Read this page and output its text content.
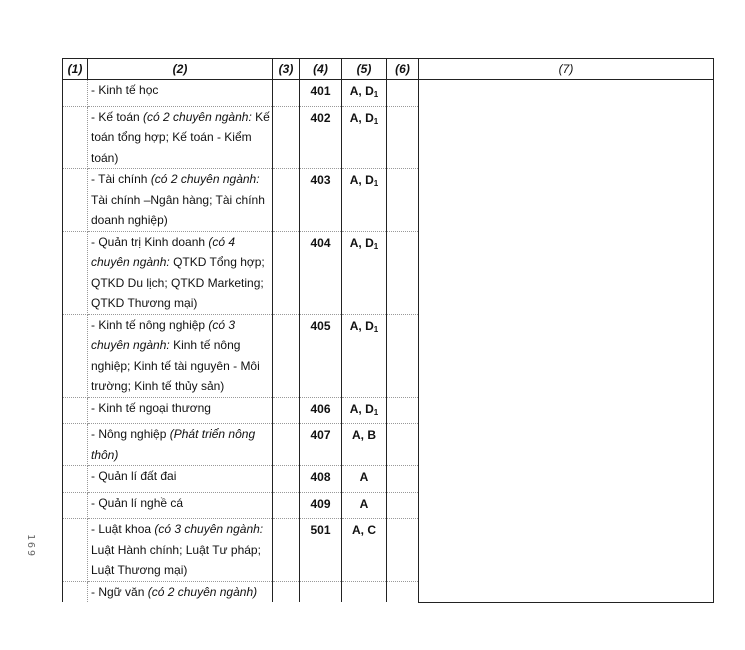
169
(1)	(2)	(3)	(4)	(5)	(6)	(7)
	- Kinh tế học		401	A, $D_1$		
	- Kế toán (có 2 chuyên ngành: Kế toán tổng hợp; Kế toán - Kiểm toán)		402	A, $D_1$	
	- Tài chính (có 2 chuyên ngành: Tài chính –Ngân hàng; Tài chính doanh nghiệp)		403	A, $D_1$	
	- Quản trị Kinh doanh (có 4 chuyên ngành: QTKD Tổng hợp; QTKD Du lịch; QTKD Marketing; QTKD Thương mại)		404	A, $D_1$	
	- Kinh tế nông nghiệp (có 3 chuyên ngành: Kinh tế nông nghiệp; Kinh tế tài nguyên - Môi trường; Kinh tế thủy sản)		405	A, $D_1$	
	- Kinh tế ngoại thương		406	A, $D_1$	
	- Nông nghiệp (Phát triển nông thôn)		407	A, B		
	- Quản lí đất đai		408	A		
	- Quản lí nghề cá		409	A		
	- Luật khoa (có 3 chuyên ngành: Luật Hành chính; Luật Tư pháp; Luật Thương mại)		501	A, C		
	- Ngữ văn (có 2 chuyên ngành)					
